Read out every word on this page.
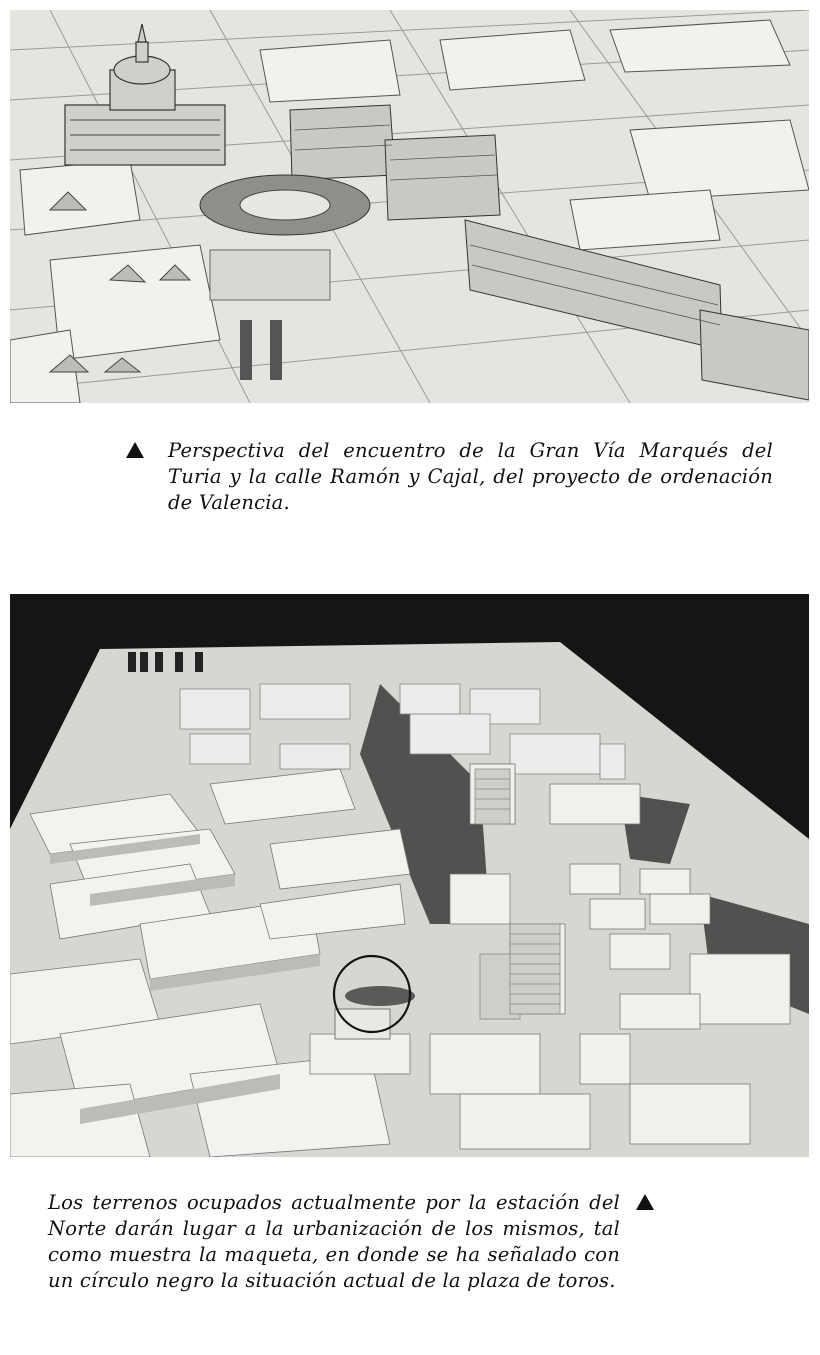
Perspectiva del encuentro de la Gran Vía Marqués del Turia y la calle Ramón y Cajal, del proyecto de ordenación de Valencia.
Los terrenos ocupados actualmente por la estación del Norte darán lugar a la urbanización de los mismos, tal como muestra la maqueta, en donde se ha señalado con un círculo negro la situación actual de la plaza de toros.
